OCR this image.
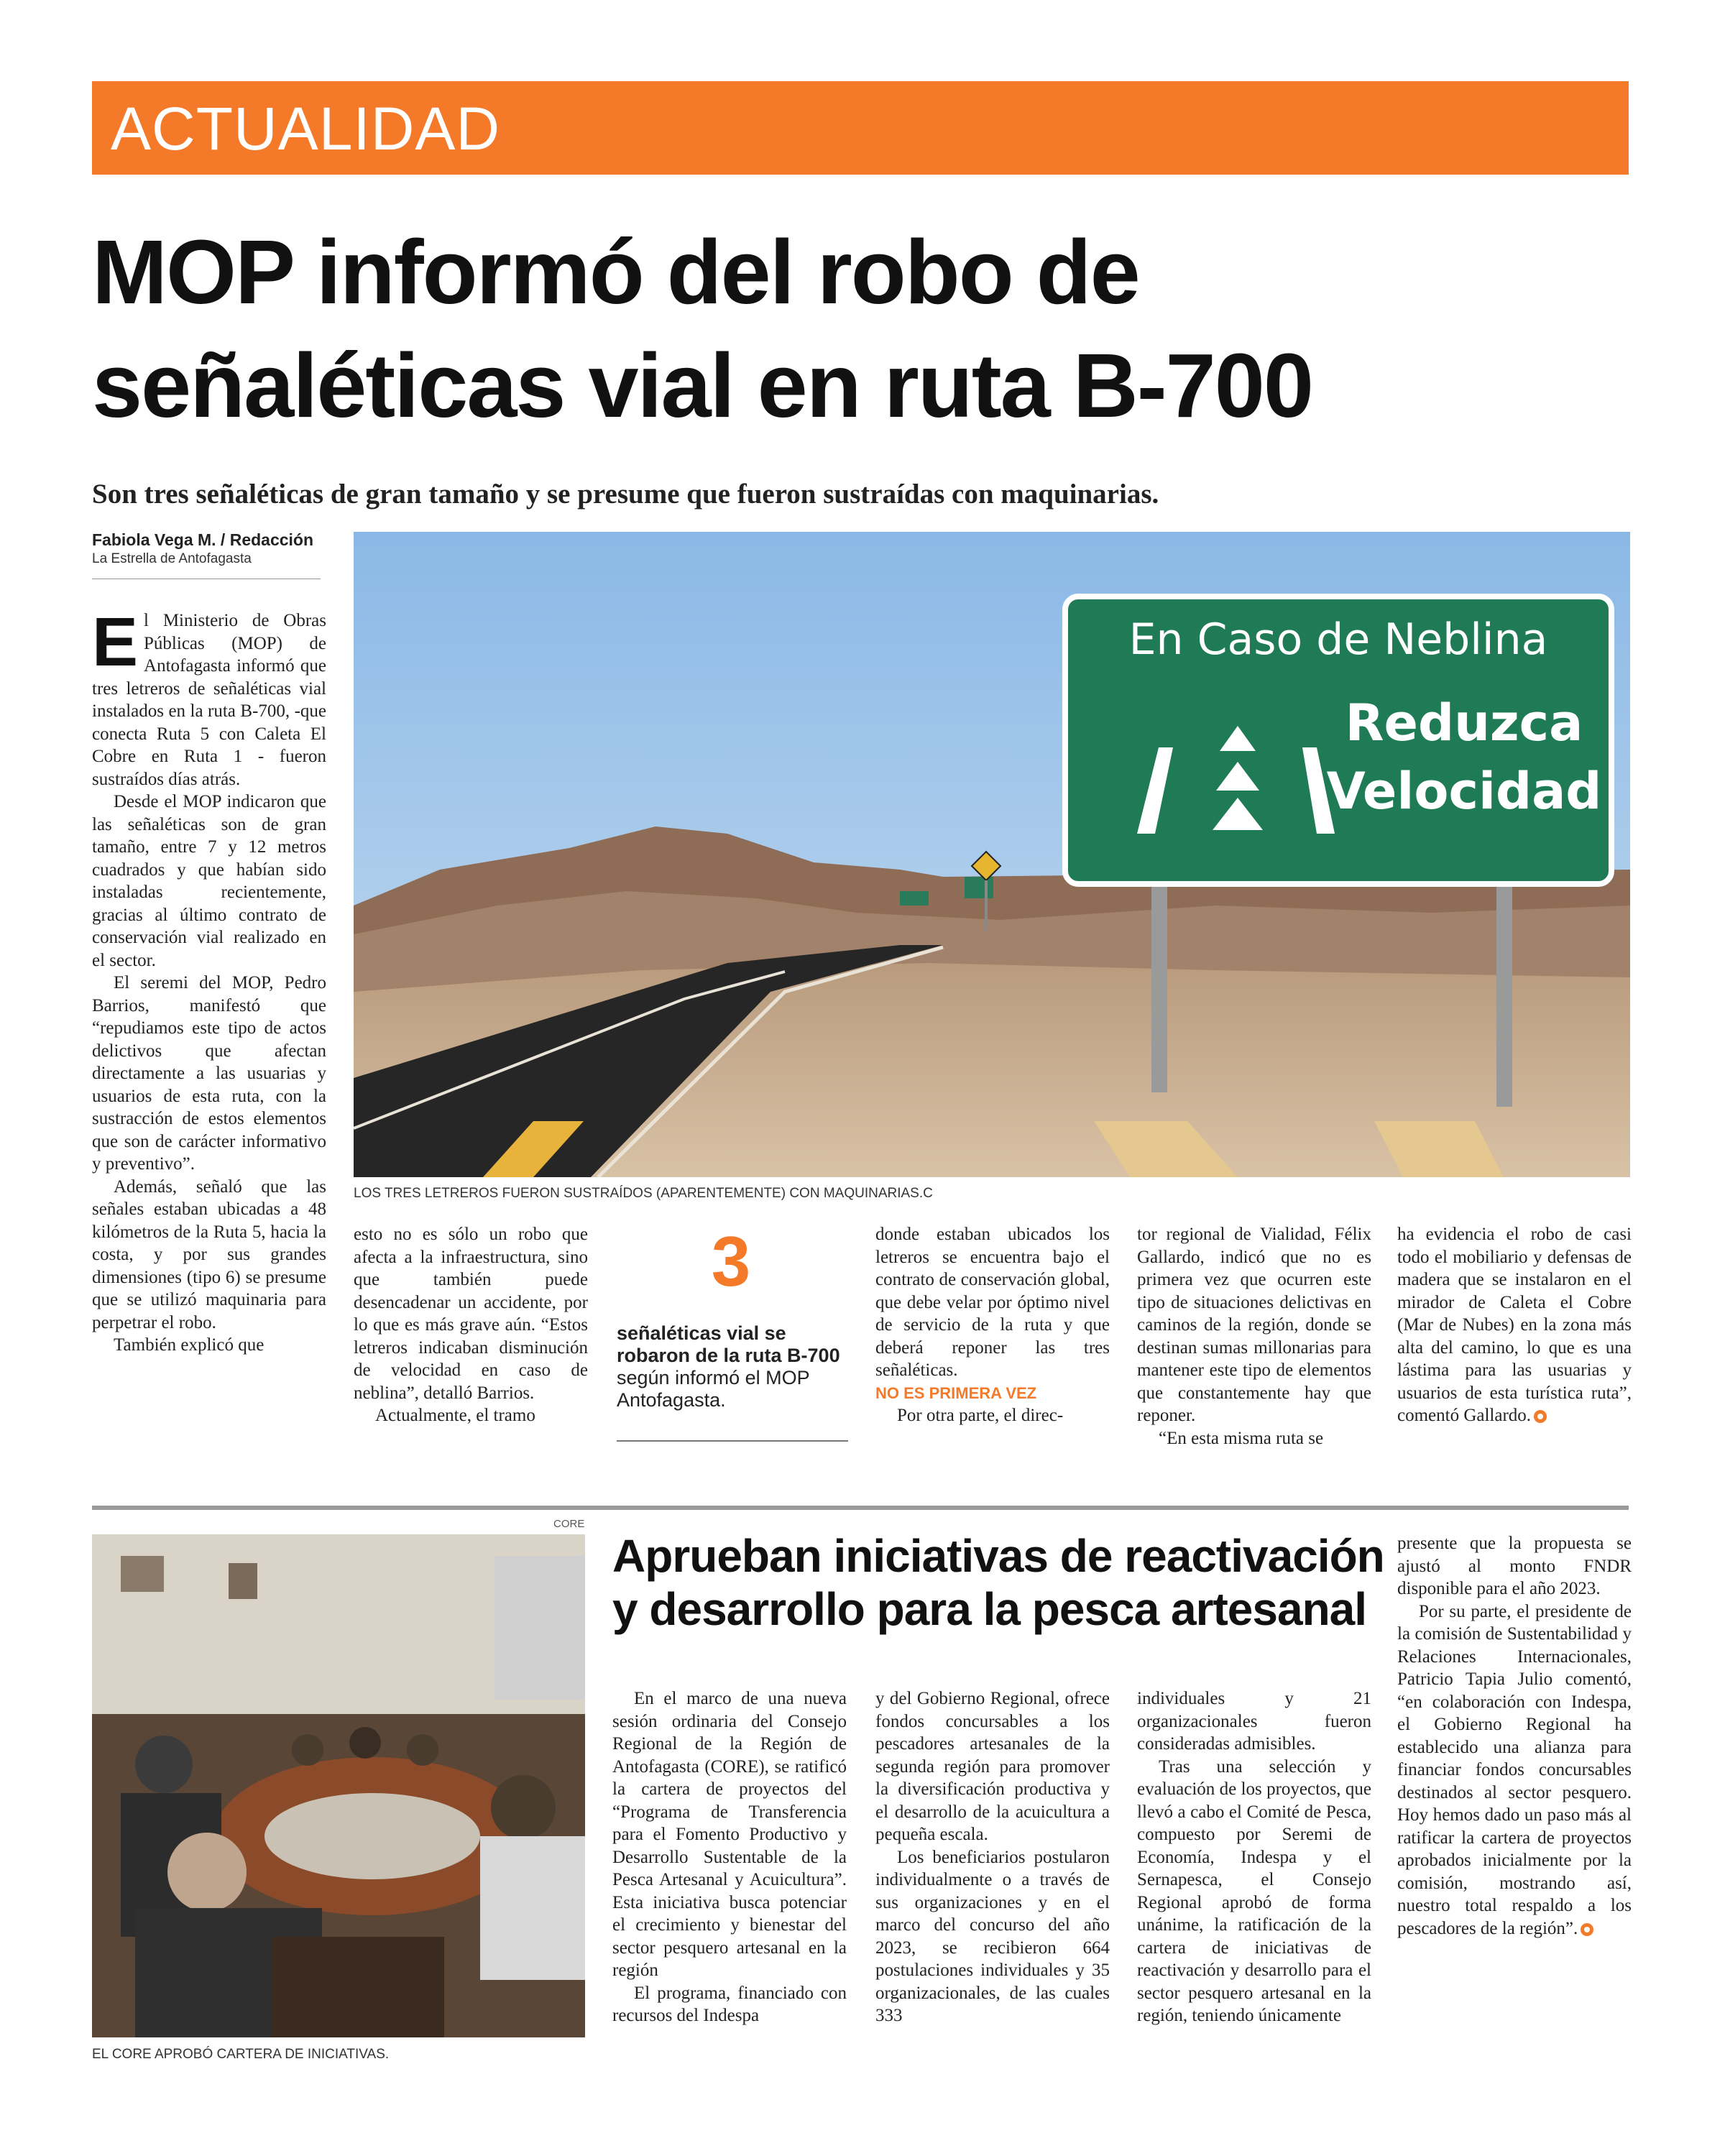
ACTUALIDAD
MOP informó del robo de
señaléticas vial en ruta B-700
Son tres señaléticas de gran tamaño y se presume que fueron sustraídas con maquinarias.
Fabiola Vega M. / Redacción
La Estrella de Antofagasta

El Ministerio de Obras Públicas (MOP) de Antofagasta informó que tres letreros de señaléticas vial instalados en la ruta B-700, -que conecta Ruta 5 con Caleta El Cobre en Ruta 1 - fueron sustraídos días atrás.

Desde el MOP indicaron que las señaléticas son de gran tamaño, entre 7 y 12 metros cuadrados y que habían sido instaladas recientemente, gracias al último contrato de conservación vial realizado en el sector.

El seremi del MOP, Pedro Barrios, manifestó que “repudiamos este tipo de actos delictivos que afectan directamente a las usuarias y usuarios de esta ruta, con la sustracción de estos elementos que son de carácter informativo y preventivo”.

Además, señaló que las señales estaban ubicadas a 48 kilómetros de la Ruta 5, hacia la costa, y por sus grandes dimensiones (tipo 6) se presume que se utilizó maquinaria para perpetrar el robo.

También explicó que

En Caso de Neblina
Reduzca
Velocidad
LOS TRES LETREROS FUERON SUSTRAÍDOS (APARENTEMENTE) CON MAQUINARIAS.C

esto no es sólo un robo que afecta a la infraestructura, sino que también puede desencadenar un accidente, por lo que es más grave aún. “Estos letreros indicaban disminución de velocidad en caso de neblina”, detalló Barrios.

Actualmente, el tramo

3
señaléticas vial se robaron de la ruta B-700 según informó el MOP Antofagasta.

donde estaban ubicados los letreros se encuentra bajo el contrato de conservación global, que debe velar por óptimo nivel de servicio de la ruta y que deberá reponer las tres señaléticas.

NO ES PRIMERA VEZ

Por otra parte, el direc-

tor regional de Vialidad, Félix Gallardo, indicó que no es primera vez que ocurren este tipo de situaciones delictivas en caminos de la región, donde se destinan sumas millonarias para mantener este tipo de elementos que constantemente hay que reponer.

“En esta misma ruta se

ha evidencia el robo de casi todo el mobiliario y defensas de madera que se instalaron en el mirador de Caleta el Cobre (Mar de Nubes) en la zona más alta del camino, lo que es una lástima para las usuarias y usuarios de esta turística ruta”, comentó Gallardo.

CORE
EL CORE APROBÓ CARTERA DE INICIATIVAS.
Aprueban iniciativas de reactivación
y desarrollo para la pesca artesanal

En el marco de una nueva sesión ordinaria del Consejo Regional de la Región de Antofagasta (CORE), se ratificó la cartera de proyectos del “Programa de Transferencia para el Fomento Productivo y Desarrollo Sustentable de la Pesca Artesanal y Acuicultura”. Esta iniciativa busca potenciar el crecimiento y bienestar del sector pesquero artesanal en la región

El programa, financiado con recursos del Indespa

y del Gobierno Regional, ofrece fondos concursables a los pescadores artesanales de la segunda región para promover la diversificación productiva y el desarrollo de la acuicultura a pequeña escala.

Los beneficiarios postularon individualmente o a través de sus organizaciones y en el marco del concurso del año 2023, se recibieron 664 postulaciones individuales y 35 organizacionales, de las cuales 333

individuales y 21 organizacionales fueron consideradas admisibles.

Tras una selección y evaluación de los proyectos, que llevó a cabo el Comité de Pesca, compuesto por Seremi de Economía, Indespa y el Sernapesca, el Consejo Regional aprobó de forma unánime, la ratificación de la cartera de iniciativas de reactivación y desarrollo para el sector pesquero artesanal en la región, teniendo únicamente

presente que la propuesta se ajustó al monto FNDR disponible para el año 2023.

Por su parte, el presidente de la comisión de Sustentabilidad y Relaciones Internacionales, Patricio Tapia Julio comentó, “en colaboración con Indespa, el Gobierno Regional ha establecido una alianza para financiar fondos concursables destinados al sector pesquero. Hoy hemos dado un paso más al ratificar la cartera de proyectos aprobados inicialmente por la comisión, mostrando así, nuestro total respaldo a los pescadores de la región”.
